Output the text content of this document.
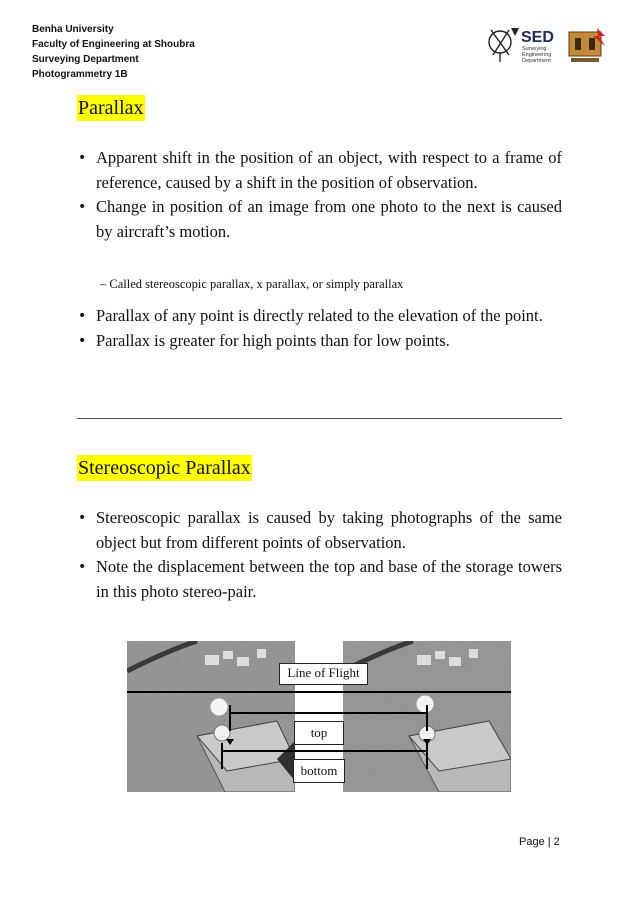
Benha University
Faculty of Engineering at Shoubra
Surveying Department
Photogrammetry 1B
SED
Surveying
Engineering
Department
Parallax
• Apparent shift in the position of an object, with respect to a frame of reference, caused by a shift in the position of observation.
• Change in position of an image from one photo to the next is caused by aircraft’s motion.
– Called stereoscopic parallax, x parallax, or simply parallax
• Parallax of any point is directly related to the elevation of the point.
• Parallax is greater for high points than for low points.
Stereoscopic Parallax
• Stereoscopic parallax is caused by taking photographs of the same object but from different points of observation.
• Note the displacement between the top and base of the storage towers in this photo stereo-pair.
Line of Flight
top
bottom
Page | 2
